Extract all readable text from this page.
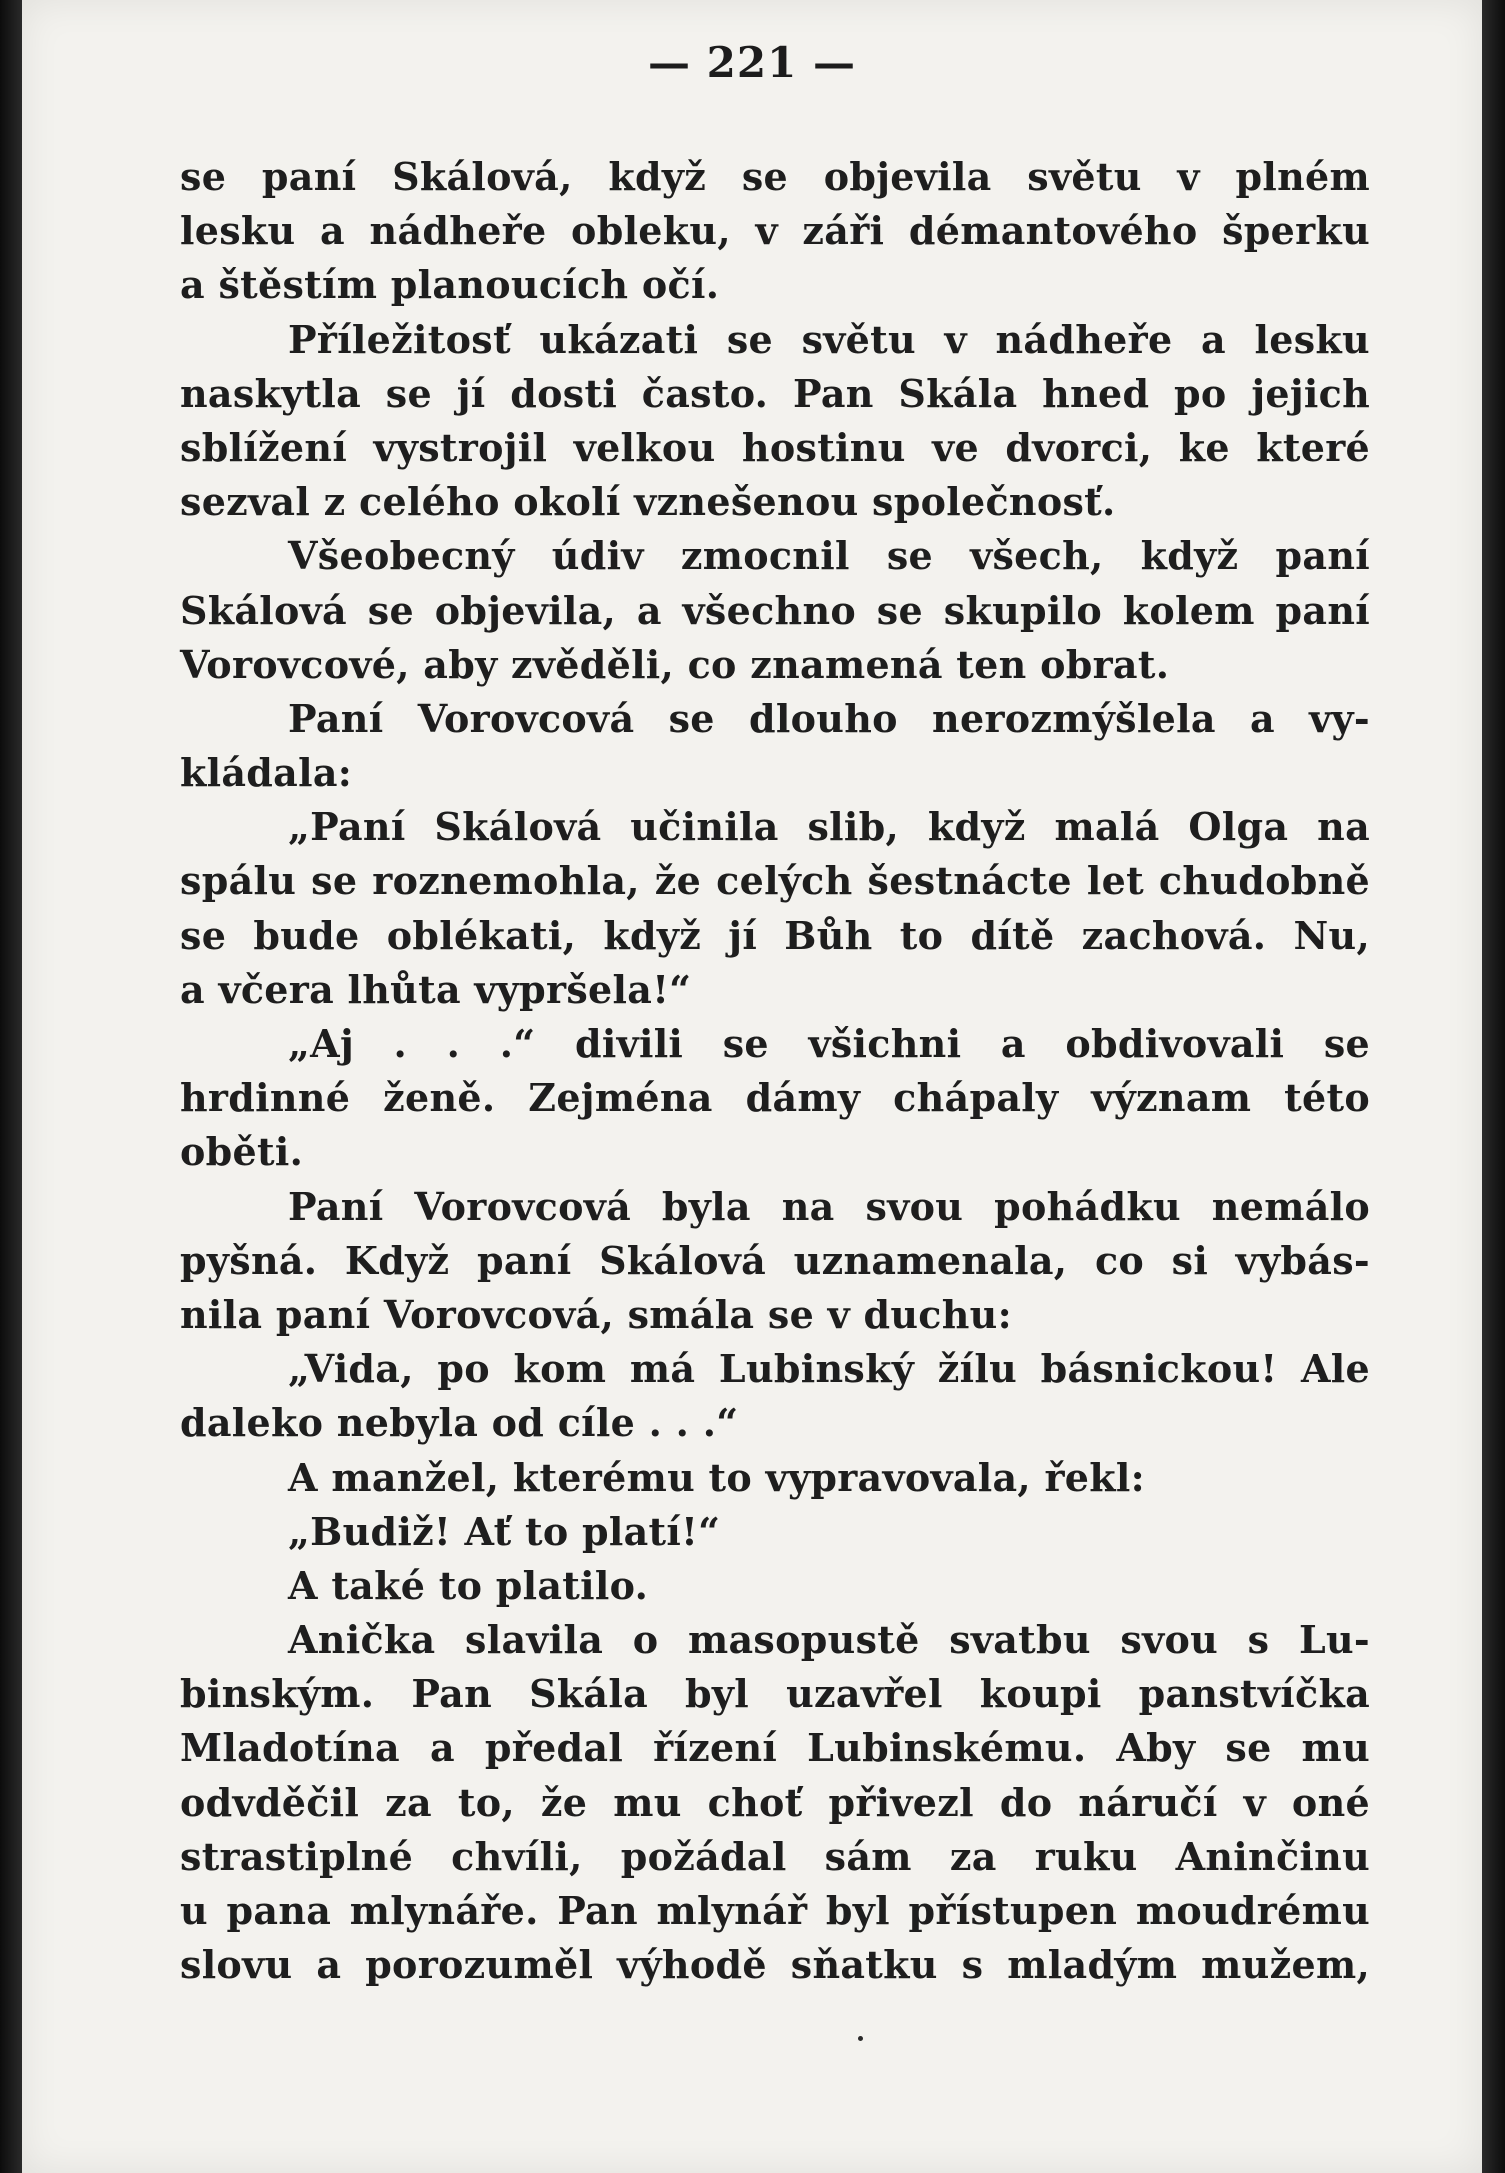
— 221 —
se paní Skálová, když se objevila světu v plném
lesku a nádheře obleku, v záři démantového šperku
a štěstím planoucích očí.
Příležitosť ukázati se světu v nádheře a lesku
naskytla se jí dosti často. Pan Skála hned po jejich
sblížení vystrojil velkou hostinu ve dvorci, ke které
sezval z celého okolí vznešenou společnosť.
Všeobecný údiv zmocnil se všech, když paní
Skálová se objevila, a všechno se skupilo kolem paní
Vorovcové, aby zvěděli, co znamená ten obrat.
Paní Vorovcová se dlouho nerozmýšlela a vy-
kládala:
„Paní Skálová učinila slib, když malá Olga na
spálu se roznemohla, že celých šestnácte let chudobně
se bude oblékati, když jí Bůh to dítě zachová. Nu,
a včera lhůta vypršela!“
„Aj . . .“ divili se všichni a obdivovali se
hrdinné ženě. Zejména dámy chápaly význam této
oběti.
Paní Vorovcová byla na svou pohádku nemálo
pyšná. Když paní Skálová uznamenala, co si vybás-
nila paní Vorovcová, smála se v duchu:
„Vida, po kom má Lubinský žílu básnickou! Ale
daleko nebyla od cíle . . .“
A manžel, kterému to vypravovala, řekl:
„Budiž! Ať to platí!“
A také to platilo.
Anička slavila o masopustě svatbu svou s Lu-
binským. Pan Skála byl uzavřel koupi panstvíčka
Mladotína a předal řízení Lubinskému. Aby se mu
odvděčil za to, že mu choť přivezl do náručí v oné
strastiplné chvíli, požádal sám za ruku Aninčinu
u pana mlynáře. Pan mlynář byl přístupen moudrému
slovu a porozuměl výhodě sňatku s mladým mužem,
